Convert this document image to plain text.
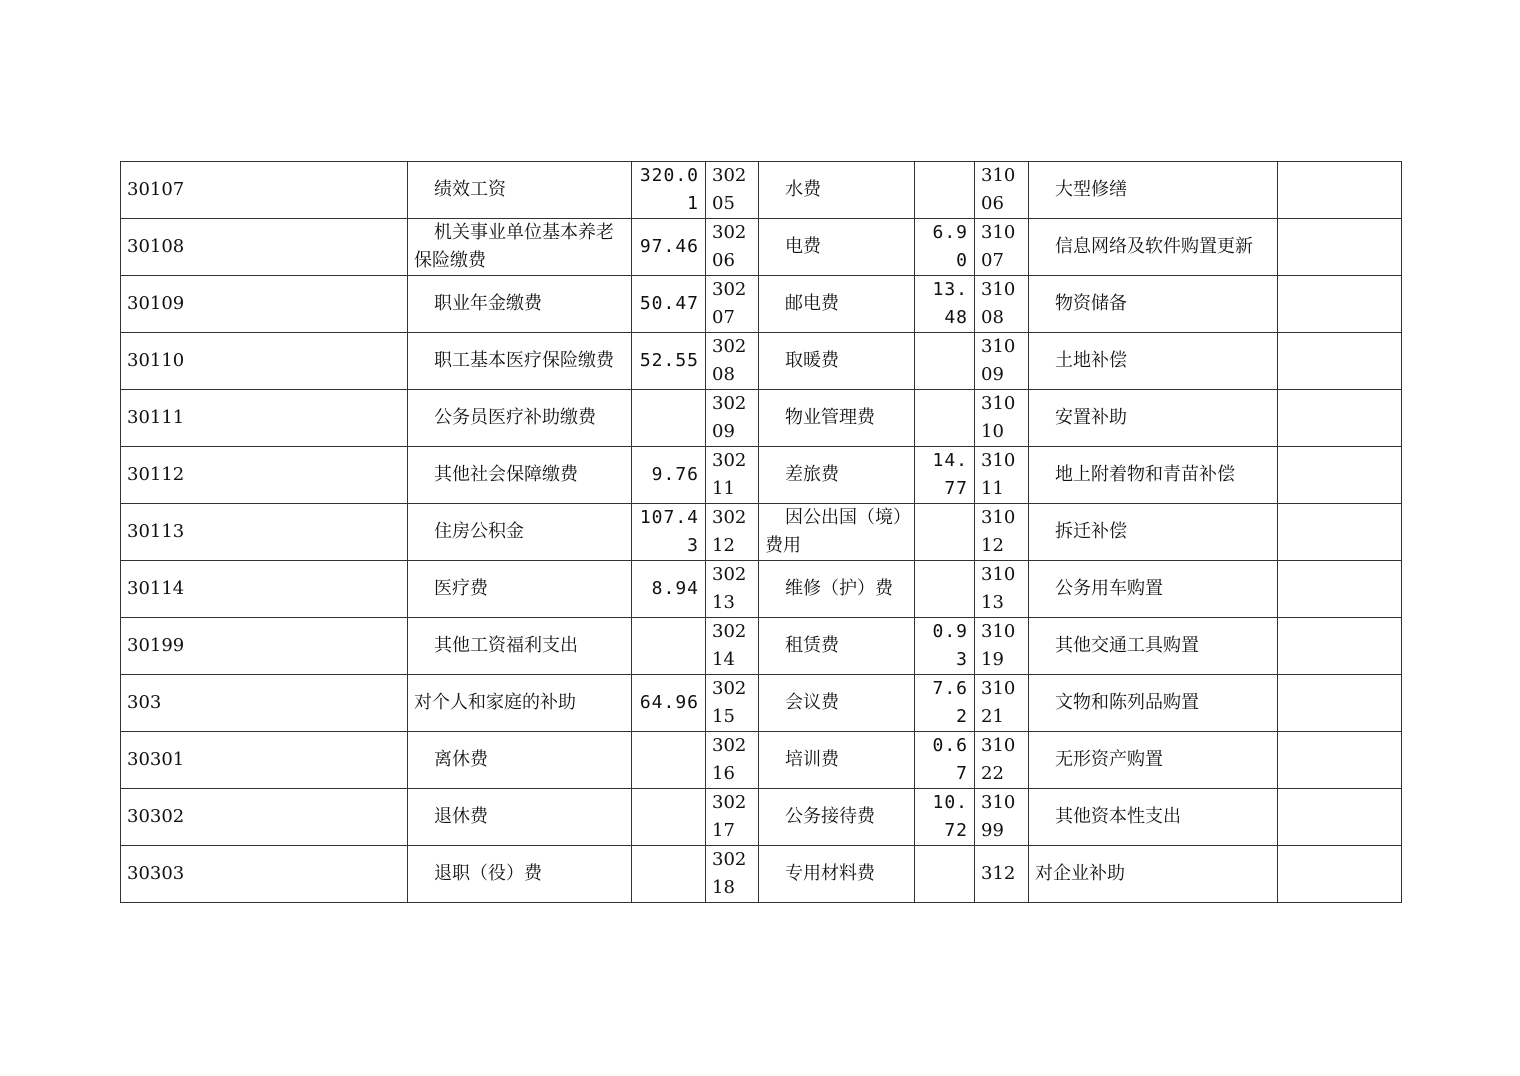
30107	绩效工资	320.01	30205	水费		31006	大型修缮	
30108	机关事业单位基本养老保险缴费	97.46	30206	电费	6.90	31007	信息网络及软件购置更新	
30109	职业年金缴费	50.47	30207	邮电费	13.48	31008	物资储备	
30110	职工基本医疗保险缴费	52.55	30208	取暖费		31009	土地补偿	
30111	公务员医疗补助缴费		30209	物业管理费		31010	安置补助	
30112	其他社会保障缴费	9.76	30211	差旅费	14.77	31011	地上附着物和青苗补偿	
30113	住房公积金	107.43	30212	因公出国（境）费用		31012	拆迁补偿	
30114	医疗费	8.94	30213	维修（护）费		31013	公务用车购置	
30199	其他工资福利支出		30214	租赁费	0.93	31019	其他交通工具购置	
303	对个人和家庭的补助	64.96	30215	会议费	7.62	31021	文物和陈列品购置	
30301	离休费		30216	培训费	0.67	31022	无形资产购置	
30302	退休费		30217	公务接待费	10.72	31099	其他资本性支出	
30303	退职（役）费		30218	专用材料费		312	对企业补助	
